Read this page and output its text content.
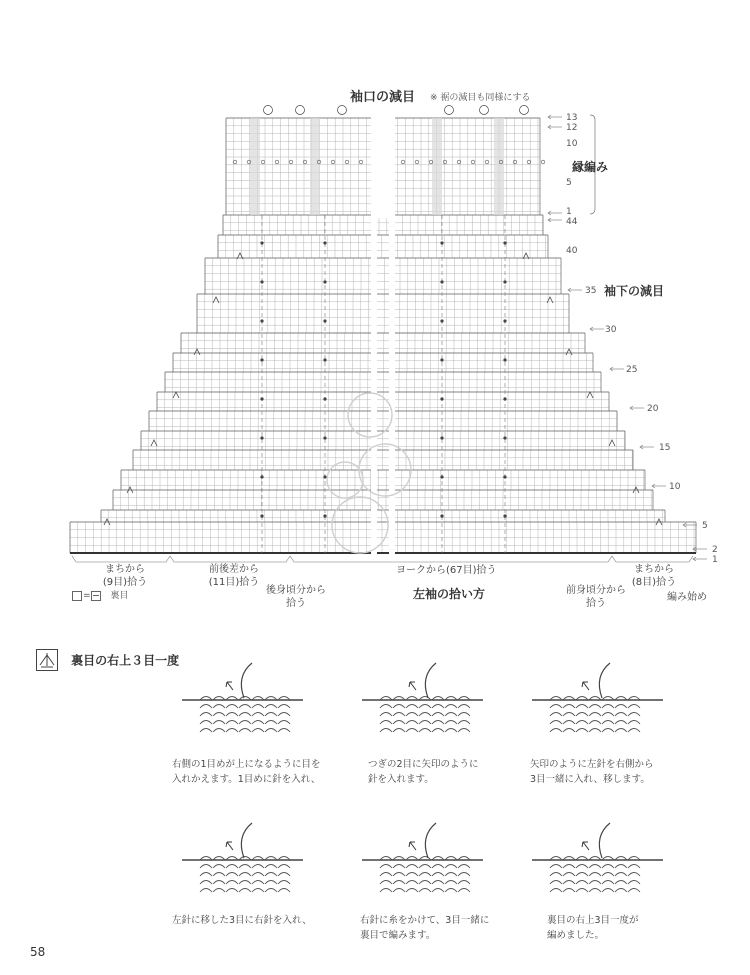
袖口の減目 ※ 裾の減目も同様にする
13
12
10
5
1
44
40
35
30
25
20
15
10
5
2
1
縁編み
袖下の減目
まちから
(9目)拾う
前後差から
(11目)拾う
後身頃分から
拾う
ヨークから(67目)拾う
左袖の拾い方	前身頃分から
拾う
まちから
(8目)拾う
編み始め
= 裏目
裏目の右上３目一度
右側の1目めが上になるように目を
入れかえます。1目めに針を入れ、
つぎの2目に矢印のように
針を入れます。
矢印のように左針を右側から
3目一緒に入れ、移します。
左針に移した3目に右針を入れ、	右針に糸をかけて、3目一緒に
裏目で編みます。
裏目の右上3目一度が
編めました。
58
